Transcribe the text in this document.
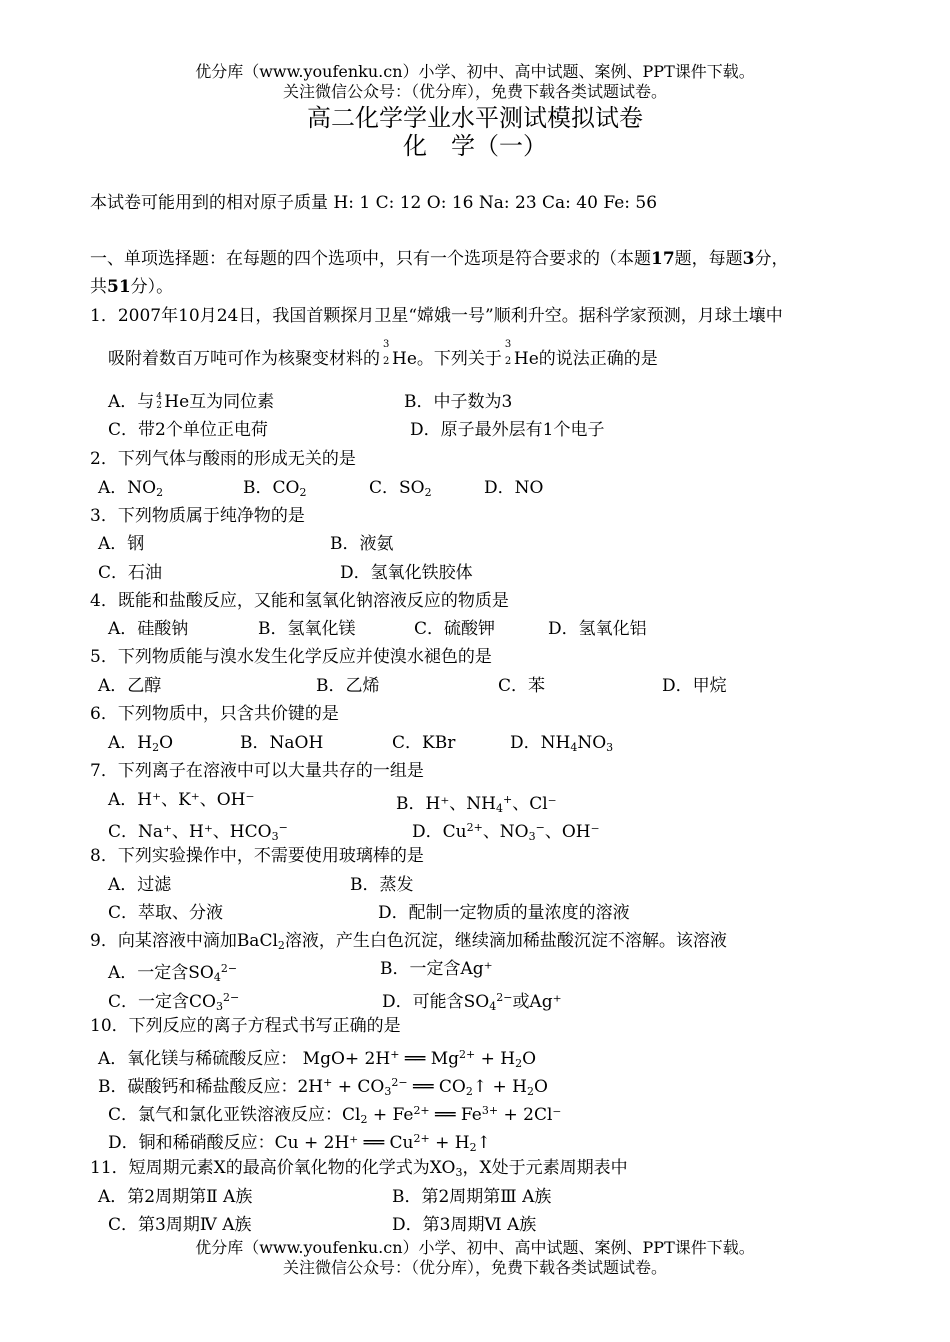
优分库（www.youfenku.cn）小学、初中、高中试题、案例、PPT课件下载。
关注微信公众号：（优分库），免费下载各类试题试卷。
高二化学学业水平测试模拟试卷
化　学（一）
本试卷可能用到的相对原子质量 H: 1 C: 12 O: 16 Na: 23 Ca: 40 Fe: 56
一、单项选择题：在每题的四个选项中，只有一个选项是符合要求的（本题17题，每题3分，
共51分）。
1．2007年10月24日，我国首颗探月卫星“嫦娥一号”顺利升空。据科学家预测，月球土壤中
吸附着数百万吨可作为核聚变材料的
3
2 He。下列关于
3
2 He的说法正确的是
A．与 4
2 He互为同位素	B．中子数为3
C．带2个单位正电荷	D．原子最外层有1个电子
2．下列气体与酸雨的形成无关的是
A．$NO_2$	B．$CO_2$	C．$SO_2$	D．NO
3．下列物质属于纯净物的是
A．钢	B．液氨
C．石油	D．氢氧化铁胶体
4．既能和盐酸反应，又能和氢氧化钠溶液反应的物质是
A．硅酸钠	B．氢氧化镁	C．硫酸钾	D．氢氧化铝
5．下列物质能与溴水发生化学反应并使溴水褪色的是
A．乙醇	B．乙烯	C．苯	D．甲烷
6．下列物质中，只含共价键的是
A．$H_2O$	B．NaOH	C．KBr	D．$NH_4NO_3$
7．下列离子在溶液中可以大量共存的一组是
A．H⁺、K⁺、OH⁻	B．H⁺、$NH_4^+$、Cl⁻
C．Na⁺、H⁺、$HCO_3^-$	D．$Cu^{2+}$、$NO_3^-$、OH⁻
8．下列实验操作中，不需要使用玻璃棒的是
A．过滤	B．蒸发
C．萃取、分液	D．配制一定物质的量浓度的溶液
9．向某溶液中滴加BaCl$_2$溶液，产生白色沉淀，继续滴加稀盐酸沉淀不溶解。该溶液
A．一定含$SO_4^{2-}$	B．一定含Ag⁺
C．一定含$CO_3^{2-}$	D．可能含$SO_4^{2-}$或Ag⁺
10．下列反应的离子方程式书写正确的是
A．氧化镁与稀硫酸反应： MgO+ 2H+ ══ $Mg^{2+} + H_2O$
B．碳酸钙和稀盐酸反应：$2H^+ + CO_3^{2-}$ ══ $CO_2↑ + H_2O$
C．氯气和氯化亚铁溶液反应：$Cl_2 + Fe^{2+}$ ══ $Fe^{3+} + 2Cl^-$
D．铜和稀硝酸反应：Cu + 2H⁺ ══ $Cu^{2+}$ + $H_2↑$
11．短周期元素X的最高价氧化物的化学式为$XO_3$，X处于元素周期表中
A．第2周期第Ⅱ A族	B．第2周期第Ⅲ A族
C．第3周期Ⅳ A族	D．第3周期Ⅵ A族
优分库（www.youfenku.cn）小学、初中、高中试题、案例、PPT课件下载。
关注微信公众号：（优分库），免费下载各类试题试卷。
